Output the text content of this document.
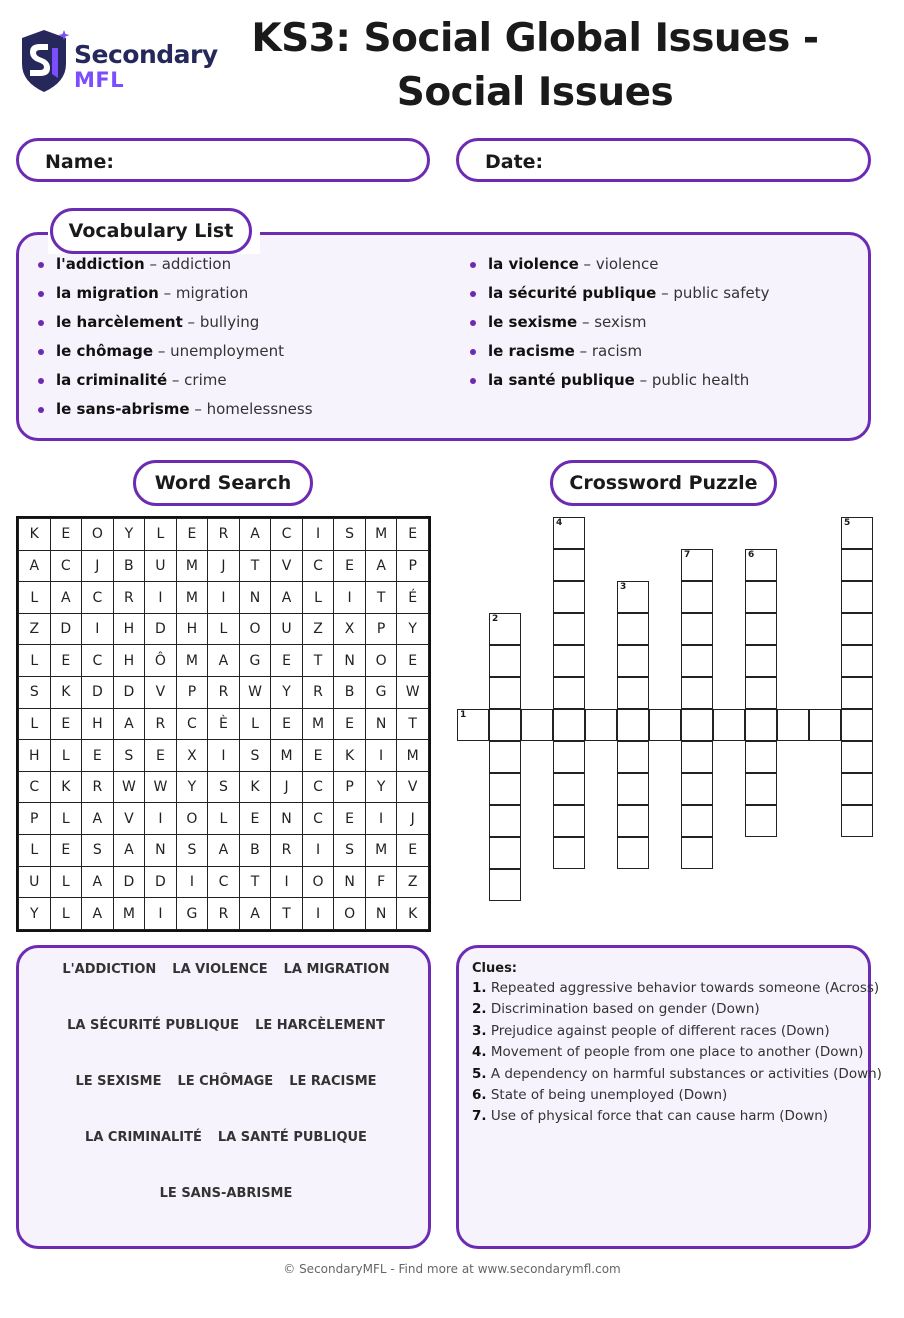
Secondary
MFL
KS3: Social Global Issues - Social Issues
Name:	Date:
Vocabulary List
l'addiction – addiction
la migration – migration
le harcèlement – bullying
le chômage – unemployment
la criminalité – crime
le sans-abrisme – homelessness
la violence – violence
la sécurité publique – public safety
le sexisme – sexism
le racisme – racism
la santé publique – public health
Word Search	Crossword Puzzle
K	E	O	Y	L	E	R	A	C	I	S	M	E
A	C	J	B	U	M	J	T	V	C	E	A	P
L	A	C	R	I	M	I	N	A	L	I	T	É
Z	D	I	H	D	H	L	O	U	Z	X	P	Y
L	E	C	H	Ô	M	A	G	E	T	N	O	E
S	K	D	D	V	P	R	W	Y	R	B	G	W
L	E	H	A	R	C	È	L	E	M	E	N	T
H	L	E	S	E	X	I	S	M	E	K	I	M
C	K	R	W	W	Y	S	K	J	C	P	Y	V
P	L	A	V	I	O	L	E	N	C	E	I	J
L	E	S	A	N	S	A	B	R	I	S	M	E
U	L	A	D	D	I	C	T	I	O	N	F	Z
Y	L	A	M	I	G	R	A	T	I	O	N	K
1
2
3
4	5
6
7
L'ADDICTION LA VIOLENCE LA MIGRATION
LA SÉCURITÉ PUBLIQUE LE HARCÈLEMENT
LE SEXISME LE CHÔMAGE LE RACISME
LA CRIMINALITÉ LA SANTÉ PUBLIQUE
LE SANS-ABRISME
Clues:
1. Repeated aggressive behavior towards someone (Across)
2. Discrimination based on gender (Down)
3. Prejudice against people of different races (Down)
4. Movement of people from one place to another (Down)
5. A dependency on harmful substances or activities (Down)
6. State of being unemployed (Down)
7. Use of physical force that can cause harm (Down)
© SecondaryMFL - Find more at www.secondarymfl.com
